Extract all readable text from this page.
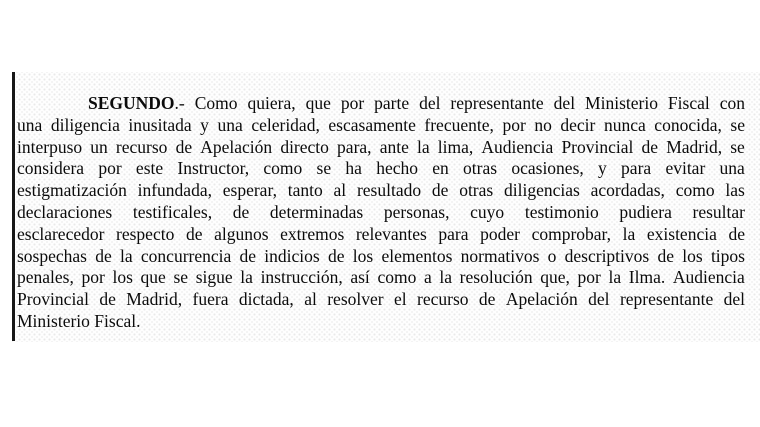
SEGUNDO.- Como quiera, que por parte del representante del Ministerio Fiscal con
una diligencia inusitada y una celeridad, escasamente frecuente, por no decir nunca conocida, se
interpuso un recurso de Apelación directo para, ante la lima, Audiencia Provincial de Madrid, se
considera por este Instructor, como se ha hecho en otras ocasiones, y para evitar una
estigmatización infundada, esperar, tanto al resultado de otras diligencias acordadas, como las
declaraciones testificales, de determinadas personas, cuyo testimonio pudiera resultar
esclarecedor respecto de algunos extremos relevantes para poder comprobar, la existencia de
sospechas de la concurrencia de indicios de los elementos normativos o descriptivos de los tipos
penales, por los que se sigue la instrucción, así como a la resolución que, por la Ilma. Audiencia
Provincial de Madrid, fuera dictada, al resolver el recurso de Apelación del representante del
Ministerio Fiscal.
